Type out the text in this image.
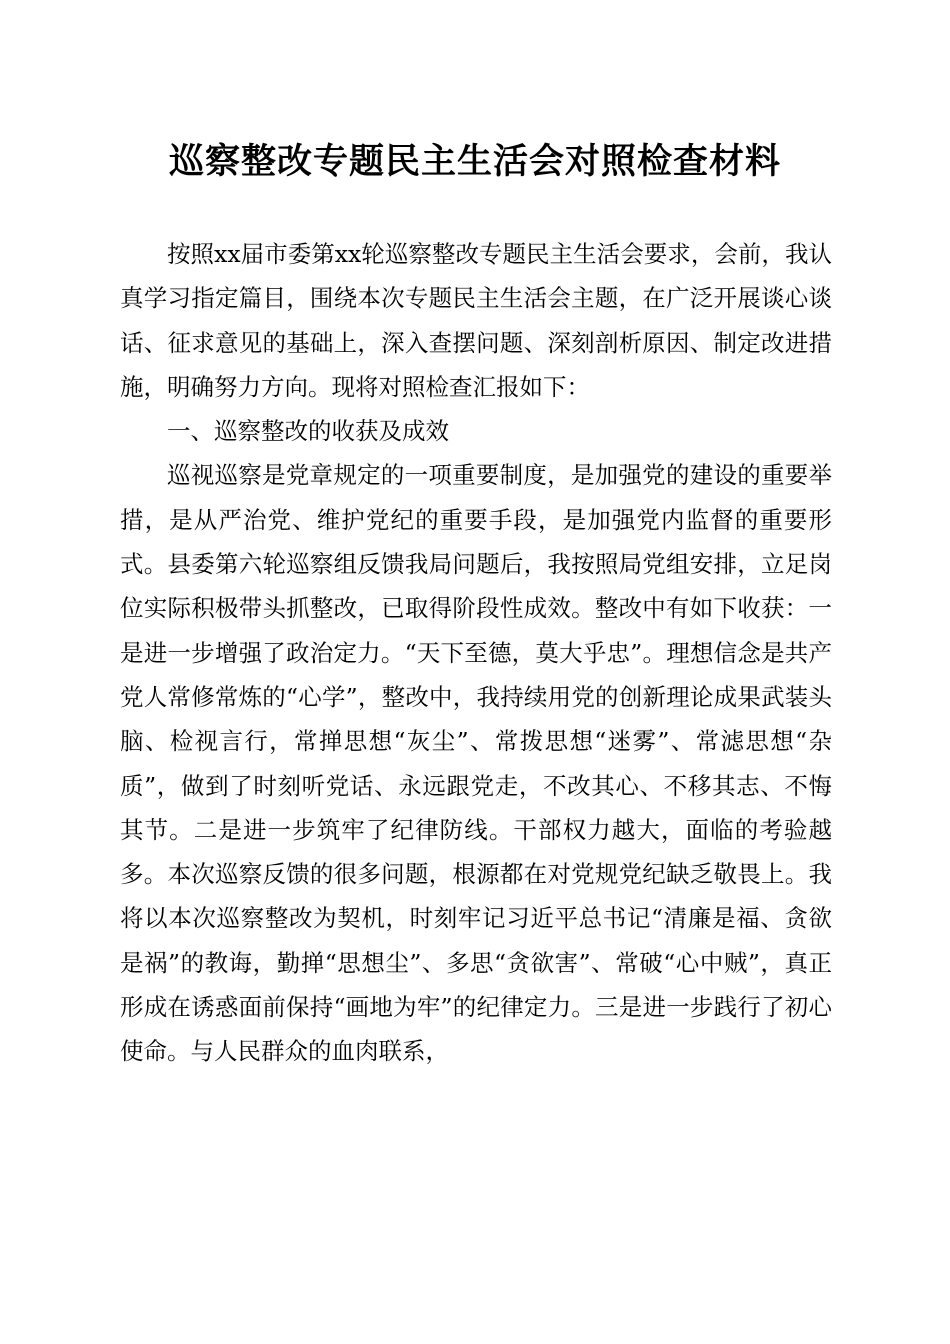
巡察整改专题民主生活会对照检查材料

按照xx届市委第xx轮巡察整改专题民主生活会要求，会前，我认真学习指定篇目，围绕本次专题民主生活会主题，在广泛开展谈心谈话、征求意见的基础上，深入查摆问题、深刻剖析原因、制定改进措施，明确努力方向。现将对照检查汇报如下：

一、巡察整改的收获及成效

巡视巡察是党章规定的一项重要制度，是加强党的建设的重要举措，是从严治党、维护党纪的重要手段，是加强党内监督的重要形式。县委第六轮巡察组反馈我局问题后，我按照局党组安排，立足岗位实际积极带头抓整改，已取得阶段性成效。整改中有如下收获：一是进一步增强了政治定力。“天下至德，莫大乎忠”。理想信念是共产党人常修常炼的“心学”，整改中，我持续用党的创新理论成果武装头脑、检视言行，常掸思想“灰尘”、常拨思想“迷雾”、常滤思想“杂质”，做到了时刻听党话、永远跟党走，不改其心、不移其志、不悔其节。二是进一步筑牢了纪律防线。干部权力越大，面临的考验越多。本次巡察反馈的很多问题，根源都在对党规党纪缺乏敬畏上。我将以本次巡察整改为契机，时刻牢记习近平总书记“清廉是福、贪欲是祸”的教诲，勤掸“思想尘”、多思“贪欲害”、常破“心中贼”，真正形成在诱惑面前保持“画地为牢”的纪律定力。三是进一步践行了初心使命。与人民群众的血肉联系，
